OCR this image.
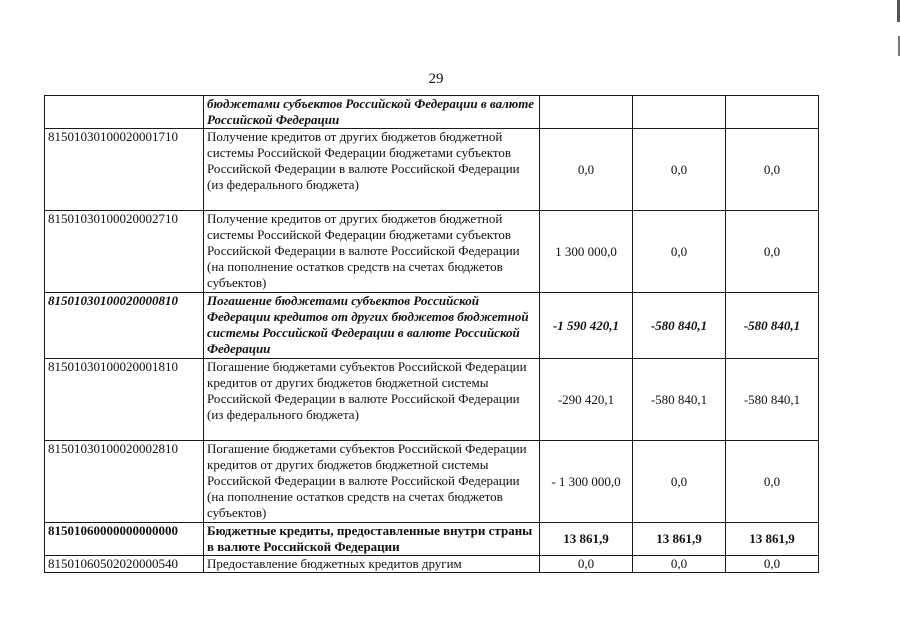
29
	бюджетами субъектов Российской Федерации в валюте Российской Федерации			
81501030100020001710	Получение кредитов от других бюджетов бюджетной системы Российской Федерации бюджетами субъектов Российской Федерации в валюте Российской Федерации (из федерального бюджета)	0,0	0,0	0,0
81501030100020002710	Получение кредитов от других бюджетов бюджетной системы Российской Федерации бюджетами субъектов Российской Федерации в валюте Российской Федерации (на пополнение остатков средств на счетах бюджетов субъектов)	1 300 000,0	0,0	0,0
81501030100020000810	Погашение бюджетами субъектов Российской Федерации кредитов от других бюджетов бюджетной системы Российской Федерации в валюте Российской Федерации	-1 590 420,1	-580 840,1	-580 840,1
81501030100020001810	Погашение бюджетами субъектов Российской Федерации кредитов от других бюджетов бюджетной системы Российской Федерации в валюте Российской Федерации (из федерального бюджета)	-290 420,1	-580 840,1	-580 840,1
81501030100020002810	Погашение бюджетами субъектов Российской Федерации кредитов от других бюджетов бюджетной системы Российской Федерации в валюте Российской Федерации (на пополнение остатков средств на счетах бюджетов субъектов)	- 1 300 000,0	0,0	0,0
81501060000000000000	Бюджетные кредиты, предоставленные внутри страны в валюте Российской Федерации	13 861,9	13 861,9	13 861,9
81501060502020000540	Предоставление бюджетных кредитов другим	0,0	0,0	0,0
